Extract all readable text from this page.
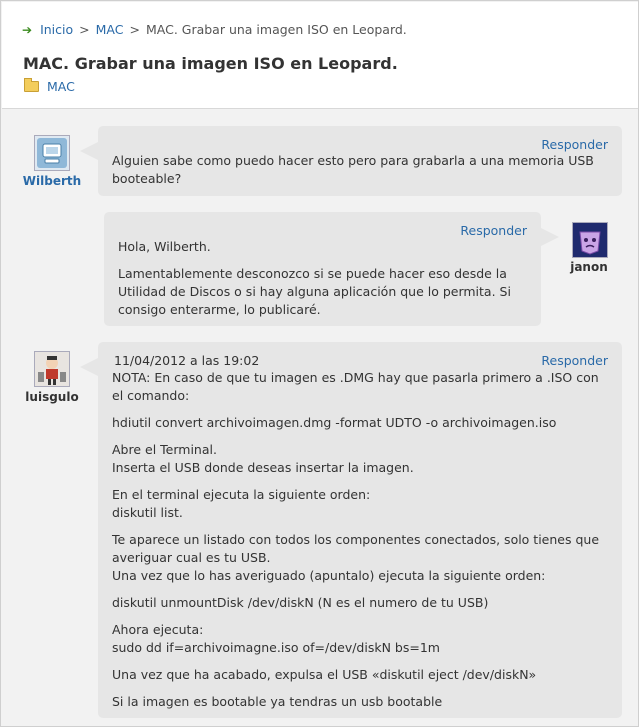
➔ Inicio > MAC > MAC. Grabar una imagen ISO en Leopard.
MAC. Grabar una imagen ISO en Leopard.
MAC
Wilberth
Responder
Alguien sabe como puedo hacer esto pero para grabarla a una memoria USB booteable?
Responder
Hola, Wilberth.
Lamentablemente desconozco si se puede hacer eso desde la Utilidad de Discos o si hay alguna aplicación que lo permita. Si consigo enterarme, lo publicaré.
janon
luisgulo
11/04/2012 a las 19:02	Responder
NOTA: En caso de que tu imagen es .DMG hay que pasarla primero a .ISO con el comando:
hdiutil convert archivoimagen.dmg -format UDTO -o archivoimagen.iso
Abre el Terminal.
Inserta el USB donde deseas insertar la imagen.
En el terminal ejecuta la siguiente orden:
diskutil list.
Te aparece un listado con todos los componentes conectados, solo tienes que averiguar cual es tu USB.
Una vez que lo has averiguado (apuntalo) ejecuta la siguiente orden:
diskutil unmountDisk /dev/diskN (N es el numero de tu USB)
Ahora ejecuta:
sudo dd if=archivoimagne.iso of=/dev/diskN bs=1m
Una vez que ha acabado, expulsa el USB «diskutil eject /dev/diskN»
Si la imagen es bootable ya tendras un usb bootable
